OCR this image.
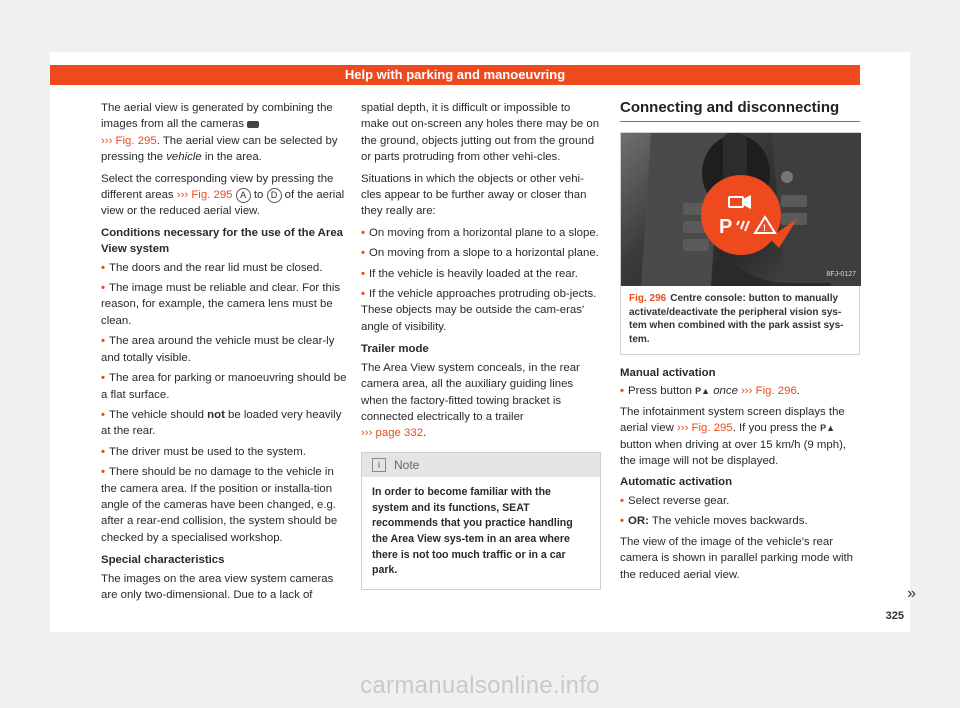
Help with parking and manoeuvring

The aerial view is generated by combining the images from all the cameras
››› Fig. 295. The aerial view can be selected by pressing the vehicle in the area.

Select the corresponding view by pressing the different areas ››› Fig. 295 A to D of the aerial view or the reduced aerial view.

Conditions necessary for the use of the Area View system

• The doors and the rear lid must be closed.
• The image must be reliable and clear. For this reason, for example, the camera lens must be clean.
• The area around the vehicle must be clear-ly and totally visible.
• The area for parking or manoeuvring should be a flat surface.
• The vehicle should not be loaded very heavily at the rear.
• The driver must be used to the system.
• There should be no damage to the vehicle in the camera area. If the position or installa-tion angle of the cameras have been changed, e.g. after a rear-end collision, the system should be checked by a specialised workshop.

Special characteristics

The images on the area view system cameras are only two-dimensional. Due to a lack of

spatial depth, it is difficult or impossible to make out on-screen any holes there may be on the ground, objects jutting out from the ground or parts protruding from other vehi-cles.

Situations in which the objects or other vehi-cles appear to be further away or closer than they really are:

• On moving from a horizontal plane to a slope.
• On moving from a slope to a horizontal plane.
• If the vehicle is heavily loaded at the rear.
• If the vehicle approaches protruding ob-jects. These objects may be outside the cam-eras' angle of visibility.

Trailer mode

The Area View system conceals, in the rear camera area, all the auxiliary guiding lines when the factory-fitted towing bracket is connected electrically to a trailer
››› page 332.

i	Note
In order to become familiar with the system and its functions, SEAT recommends that you practice handling the Area View sys-tem in an area where there is not too much traffic or in a car park.
Connecting and disconnecting
P	!
8FJ-0127
Fig. 296 Centre console: button to manually activate/deactivate the peripheral vision sys-tem when combined with the park assist sys-tem.

Manual activation

• Press button P▲ once ››› Fig. 296.

The infotainment system screen displays the aerial view ››› Fig. 295. If you press the P▲ button when driving at over 15 km/h (9 mph), the image will not be displayed.

Automatic activation

• Select reverse gear.
• OR: The vehicle moves backwards.

The view of the image of the vehicle's rear camera is shown in parallel parking mode with the reduced aerial view.

»
325
carmanualsonline.info
